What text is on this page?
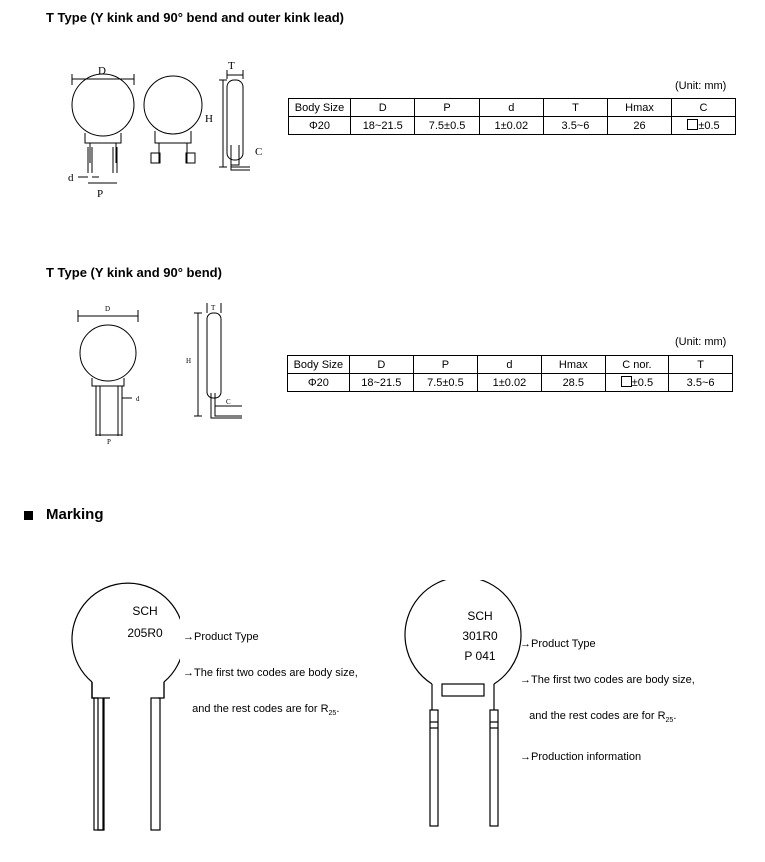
T Type (Y kink and 90° bend and outer kink lead)
D
d
P
H
T
C
(Unit: mm)
Body Size	D	P	d	T	Hmax	C
Φ20	18~21.5	7.5±0.5	1±0.02	3.5~6	26	±0.5
T Type (Y kink and 90° bend)
D
d
P
H
T
C
(Unit: mm)
Body Size	D	P	d	Hmax	C nor.	T
Φ20	18~21.5	7.5±0.5	1±0.02	28.5	±0.5	3.5~6
Marking
SCH
205R0

	→Product Type

→The first two codes are body size,

and the rest codes are for $R_{25}$.

SCH
301R0
P 041

→Product Type

→The first two codes are body size,

and the rest codes are for $R_{25}$.

→Production information
